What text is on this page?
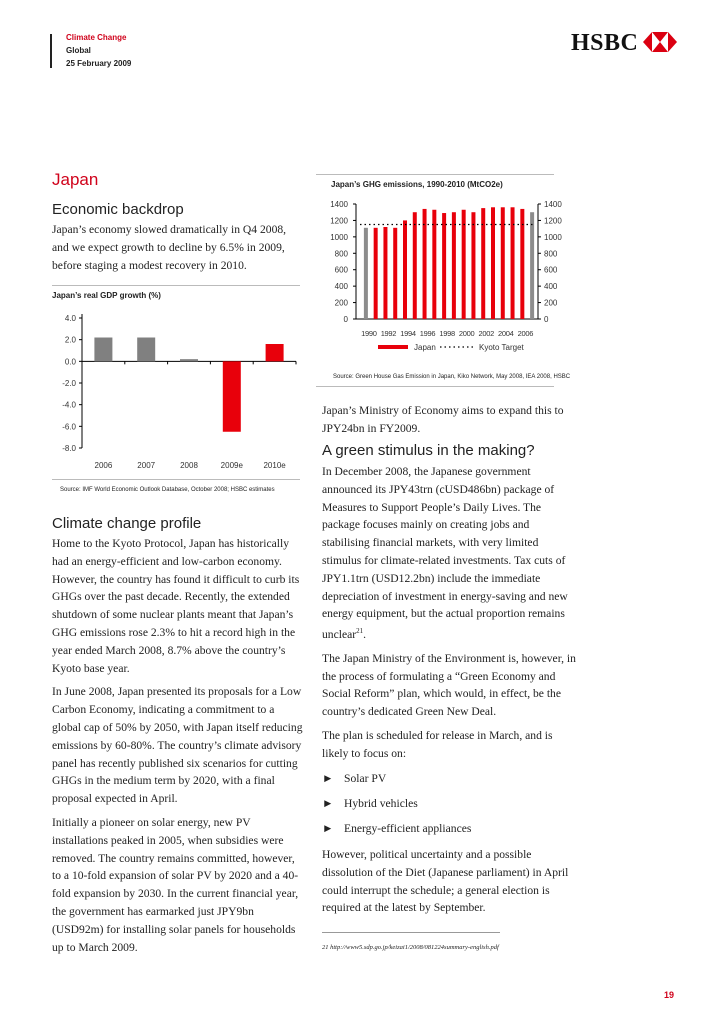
Climate Change
Global
25 February 2009
HSBC
Japan
Economic backdrop

Japan’s economy slowed dramatically in Q4 2008, and we expect growth to decline by 6.5% in 2009, before staging a modest recovery in 2010.

Japan’s real GDP growth (%)
4.0
2.0
0.0
-2.0
-4.0
-6.0
-8.0
2006	2007	2008	2009e	2010e
Source: IMF World Economic Outlook Database, October 2008; HSBC estimates
Climate change profile

Home to the Kyoto Protocol, Japan has historically had an energy-efficient and low-carbon economy. However, the country has found it difficult to curb its GHGs over the past decade. Recently, the extended shutdown of some nuclear plants meant that Japan’s GHG emissions rose 2.3% to hit a record high in the year ended March 2008, 8.7% above the country’s Kyoto base year.

In June 2008, Japan presented its proposals for a Low Carbon Economy, indicating a commitment to a global cap of 50% by 2050, with Japan itself reducing emissions by 60-80%. The country’s climate advisory panel has recently published six scenarios for cutting GHGs in the medium term by 2020, with a final proposal expected in April.

Initially a pioneer on solar energy, new PV installations peaked in 2005, when subsidies were removed. The country remains committed, however, to a 10-fold expansion of solar PV by 2020 and a 40-fold expansion by 2030. In the current financial year, the government has earmarked just JPY9bn (USD92m) for installing solar panels for households up to March 2009.

Japan’s GHG emissions, 1990-2010 (MtCO2e)
1400	1400
1200	1200
1000	1000
800	800
600	600
400	400
200	200
0	0
1990 1992 1994 1996 1998 2000 2002 2004 2006
Japan	Kyoto Target
Source: Green House Gas Emission in Japan, Kiko Network, May 2008, IEA 2008, HSBC

Japan’s Ministry of Economy aims to expand this to JPY24bn in FY2009.

A green stimulus in the making?

In December 2008, the Japanese government announced its JPY43trn (cUSD486bn) package of Measures to Support People’s Daily Lives. The package focuses mainly on creating jobs and stabilising financial markets, with very limited stimulus for climate-related investments. Tax cuts of JPY1.1trn (USD12.2bn) include the immediate depreciation of investment in energy-saving and new energy equipment, but the actual proportion remains unclear$^{21}$.

The Japan Ministry of the Environment is, however, in the process of formulating a “Green Economy and Social Reform” plan, which would, in effect, be the country’s dedicated Green New Deal.

The plan is scheduled for release in March, and is likely to focus on:

► Solar PV
► Hybrid vehicles
► Energy-efficient appliances

However, political uncertainty and a possible dissolution of the Diet (Japanese parliament) in April could interrupt the schedule; a general election is required at the latest by September.

21 http://www5.sdp.go.jp/keizai1/2008/081224summary-english.pdf
19
